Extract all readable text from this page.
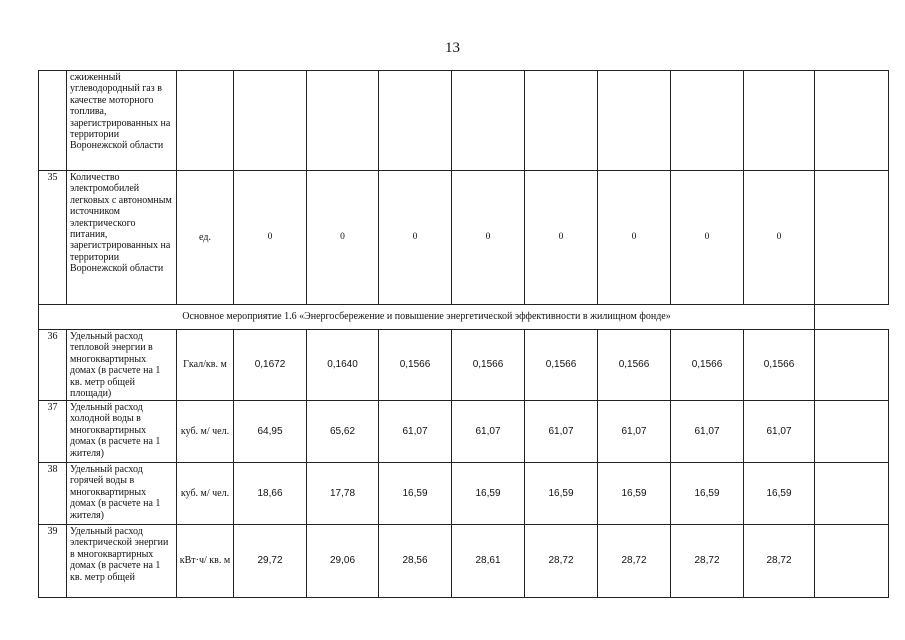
13
	сжиженный углеводородный газ в качестве моторного топлива, зарегистрированных на территории Воронежской области										
35	Количество электромобилей легковых с автономным источником электрического питания, зарегистрированных на территории Воронежской области	ед.	0	0	0	0	0	0	0	0	
Основное мероприятие 1.6 «Энергосбережение и повышение энергетической эффективности в жилищном фонде»											
36	Удельный расход тепловой энергии в многоквартирных домах (в расчете на 1 кв. метр общей площади)	Гкал/кв. м	0,1672	0,1640	0,1566	0,1566	0,1566	0,1566	0,1566	0,1566	
37	Удельный расход холодной воды в многоквартирных домах (в расчете на 1 жителя)	куб. м/ чел.	64,95	65,62	61,07	61,07	61,07	61,07	61,07	61,07	
38	Удельный расход горячей воды в многоквартирных домах (в расчете на 1 жителя)	куб. м/ чел.	18,66	17,78	16,59	16,59	16,59	16,59	16,59	16,59	
39	Удельный расход электрической энергии в многоквартирных домах (в расчете на 1 кв. метр общей	кВт·ч/ кв. м	29,72	29,06	28,56	28,61	28,72	28,72	28,72	28,72	
